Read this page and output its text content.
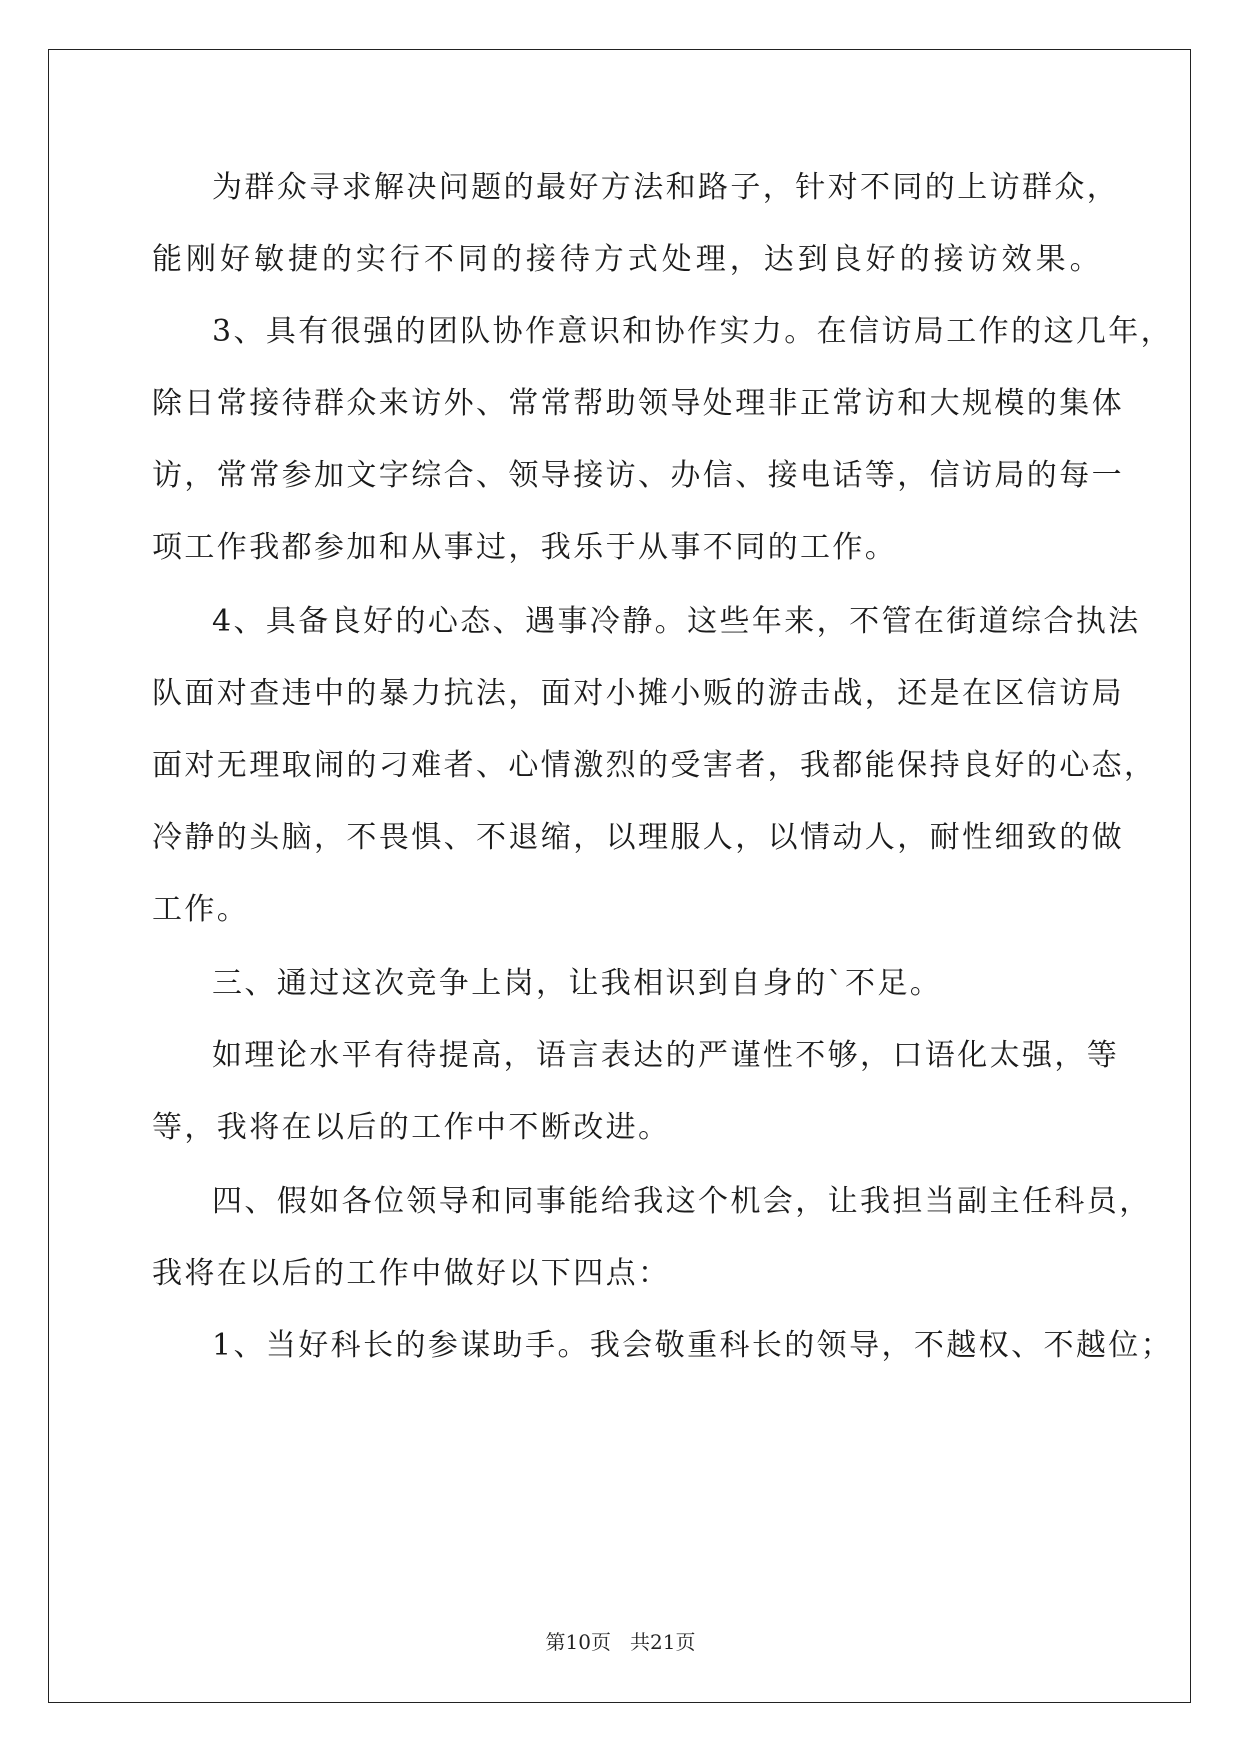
为群众寻求解决问题的最好方法和路子，针对不同的上访群众，
能刚好敏捷的实行不同的接待方式处理，达到良好的接访效果。
3、具有很强的团队协作意识和协作实力。在信访局工作的这几年，
除日常接待群众来访外、常常帮助领导处理非正常访和大规模的集体
访，常常参加文字综合、领导接访、办信、接电话等，信访局的每一
项工作我都参加和从事过，我乐于从事不同的工作。
4、具备良好的心态、遇事冷静。这些年来，不管在街道综合执法
队面对查违中的暴力抗法，面对小摊小贩的游击战，还是在区信访局
面对无理取闹的刁难者、心情激烈的受害者，我都能保持良好的心态，
冷静的头脑，不畏惧、不退缩，以理服人，以情动人，耐性细致的做
工作。
三、通过这次竞争上岗，让我相识到自身的`不足。
如理论水平有待提高，语言表达的严谨性不够，口语化太强，等
等，我将在以后的工作中不断改进。
四、假如各位领导和同事能给我这个机会，让我担当副主任科员，
我将在以后的工作中做好以下四点：
1、当好科长的参谋助手。我会敬重科长的领导，不越权、不越位；
第10页   共21页
